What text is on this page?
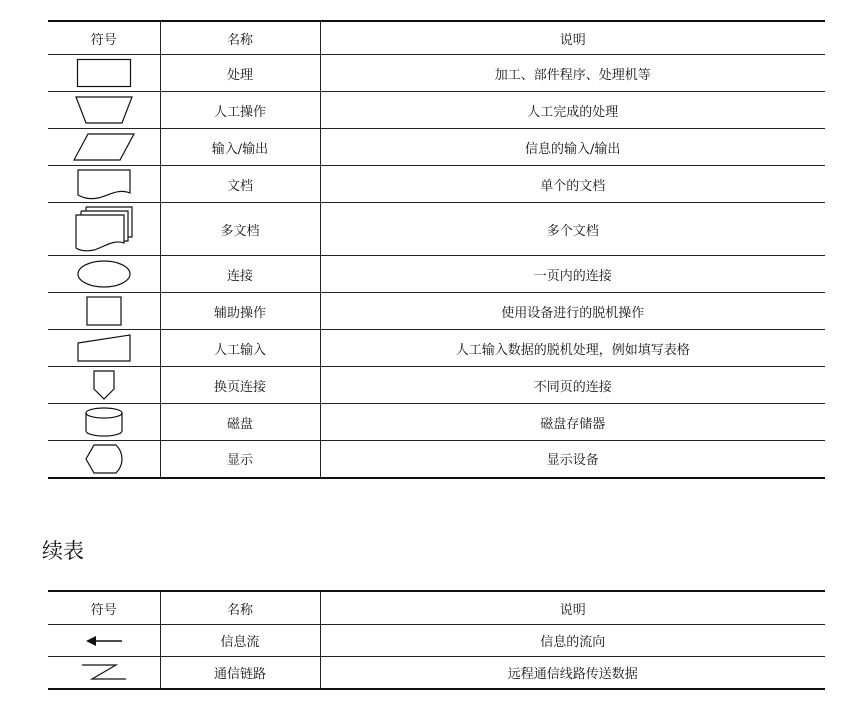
符号	名称	说明

	处理	加工、部件程序、处理机等

	人工操作	人工完成的处理

	输入/输出	信息的输入/输出

	文档	单个的文档

	多文档	多个文档

	连接	一页内的连接

	辅助操作	使用设备进行的脱机操作

	人工输入	人工输入数据的脱机处理，例如填写表格

	换页连接	不同页的连接

	磁盘	磁盘存储器

	显示	显示设备
续表
符号	名称	说明

	信息流	信息的流向

	通信链路	远程通信线路传送数据
